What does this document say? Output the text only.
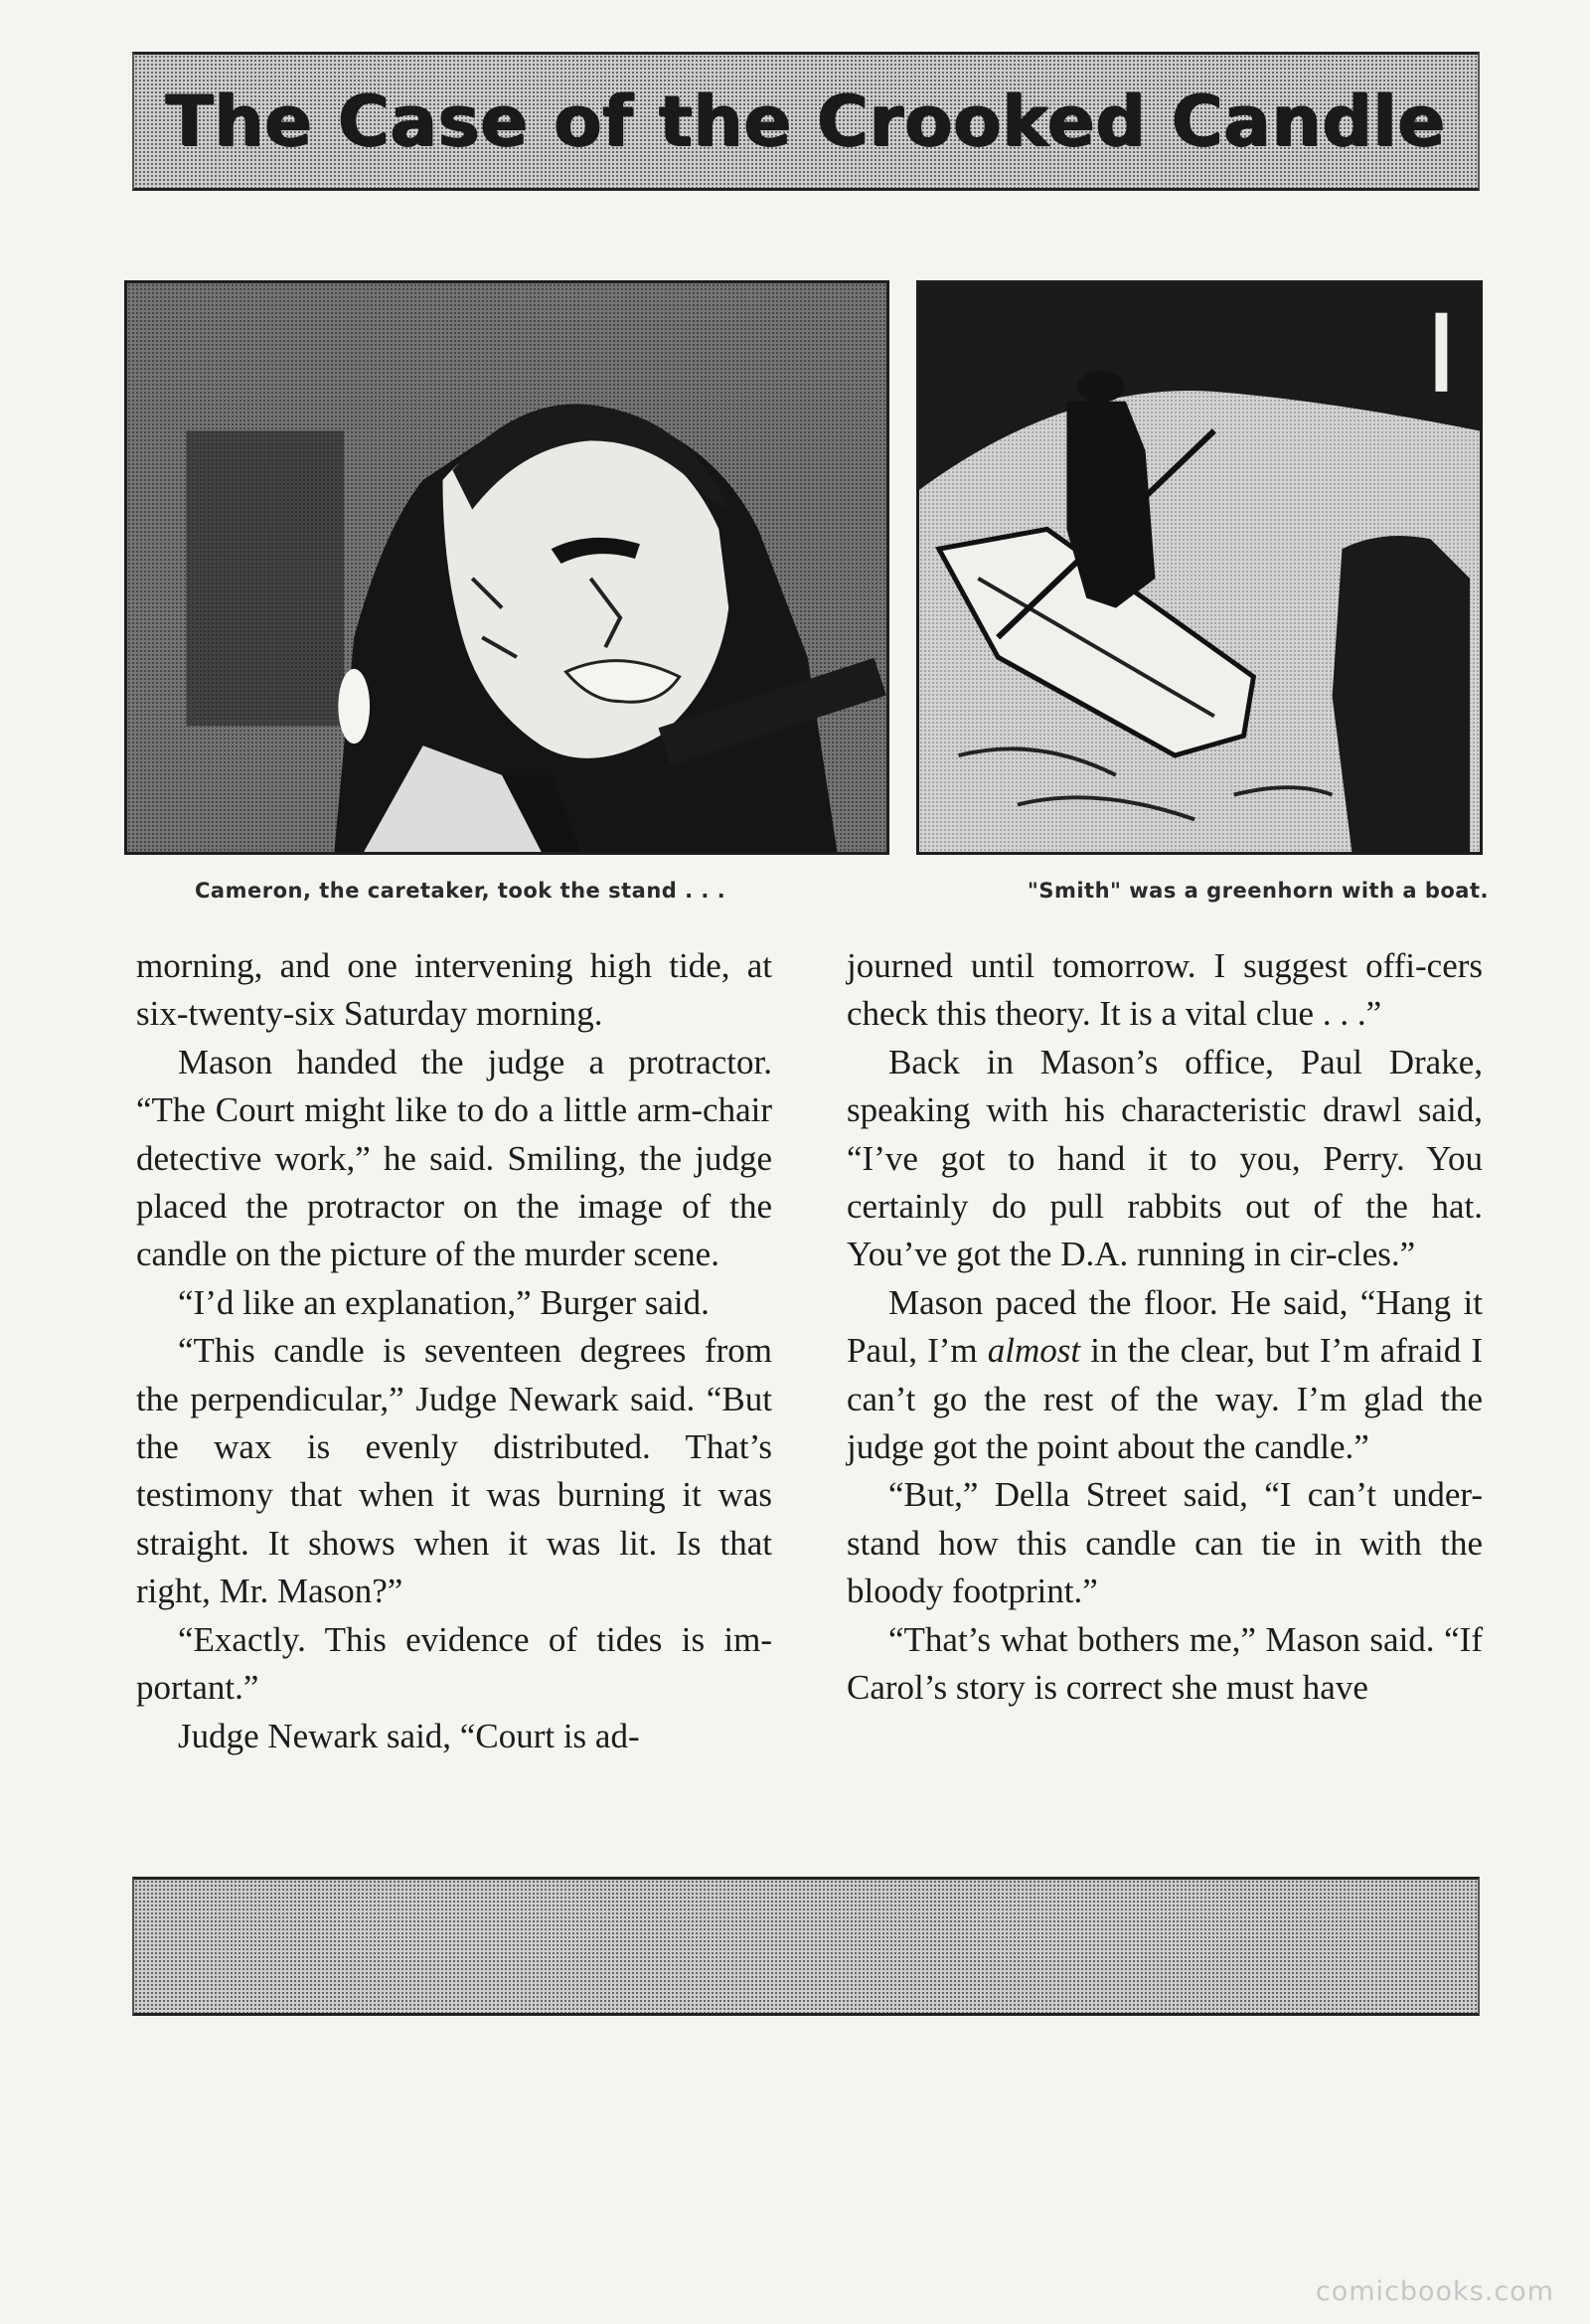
The Case of the Crooked Candle
Cameron, the caretaker, took the stand . . .	"Smith" was a greenhorn with a boat.

morning, and one intervening high tide, at six-twenty-six Saturday morning.

Mason handed the judge a protractor. “The Court might like to do a little arm-chair detective work,” he said. Smiling, the judge placed the protractor on the image of the candle on the picture of the murder scene.

“I’d like an explanation,” Burger said.

“This candle is seventeen degrees from the perpendicular,” Judge Newark said. “But the wax is evenly distributed. That’s testimony that when it was burning it was straight. It shows when it was lit. Is that right, Mr. Mason?”

“Exactly. This evidence of tides is im-portant.”

Judge Newark said, “Court is ad-

journed until tomorrow. I suggest offi-cers check this theory. It is a vital clue . . .”

Back in Mason’s office, Paul Drake, speaking with his characteristic drawl said, “I’ve got to hand it to you, Perry. You certainly do pull rabbits out of the hat. You’ve got the D.A. running in cir-cles.”

Mason paced the floor. He said, “Hang it Paul, I’m almost in the clear, but I’m afraid I can’t go the rest of the way. I’m glad the judge got the point about the candle.”

“But,” Della Street said, “I can’t under-stand how this candle can tie in with the bloody footprint.”

“That’s what bothers me,” Mason said. “If Carol’s story is correct she must have

comicbooks.com
